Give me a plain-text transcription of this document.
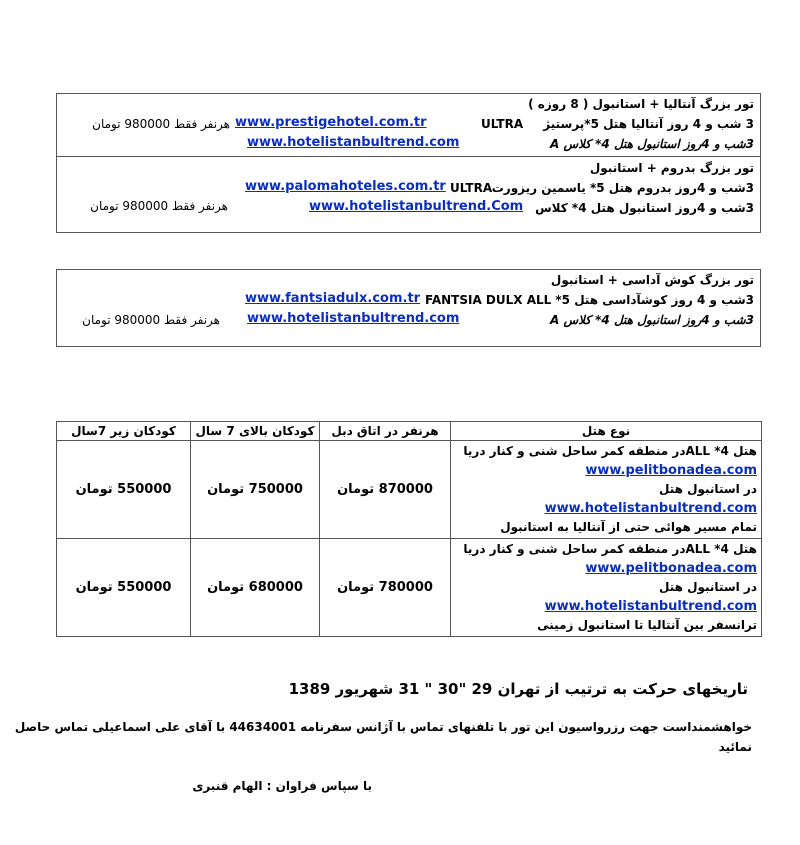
تور بزرگ آنتالیا + استانبول ( 8 روزه )
3 شب و 4 روز آنتالیا هتل 5*پرستیژ
ULTRA
www.prestigehotel.com.tr
هرنفر فقط 980000 تومان
3شب و 4روز استانبول هتل 4* کلاس A
www.hotelistanbultrend.com
تور بزرگ بدروم + استانبول
3شب و 4روز بدروم هتل 5* یاسمین ریزورت
ULTRA
www.palomahoteles.com.tr
هرنفر فقط 980000 تومان	3شب و 4روز استانبول هتل 4* کلاس
www.hotelistanbultrend.Com
تور بزرگ کوش آداسی + استانبول
3شب و 4 روز کوشآداسی هتل 5*
FANTSIA DULX ALL
www.fantsiadulx.com.tr
هرنفر فقط 980000 تومان	3شب و 4روز استانبول هتل 4* کلاس A
www.hotelistanbultrend.com
کودکان زیر 7سال	کودکان بالای 7 سال	هرنفر در اتاق دبل	نوع هتل
550000 تومان	750000 تومان	870000 تومان	هتل 4* ALLدر منطقه کمر ساحل شنی و کنار دریا
www.pelitbonadea.com
در استانبول هتل
www.hotelistanbultrend.com
تمام مسیر هوائی حتی از آنتالیا به استانبول

550000 تومان	680000 تومان	780000 تومان	هتل 4* ALLدر منطقه کمر ساحل شنی و کنار دریا
www.pelitbonadea.com
در استانبول هتل
www.hotelistanbultrend.com
ترانسفر بین آنتالیا تا استانبول زمینی
تاریخهای حرکت به ترتیب از تهران 29 "30 " 31 شهریور 1389
خواهشمنداست جهت رزرواسیون این تور با تلفنهای تماس با آژانس سفرنامه 44634001 با آقای علی اسماعیلی تماس حاصل
نمائید
با سپاس فراوان : الهام قنبری
